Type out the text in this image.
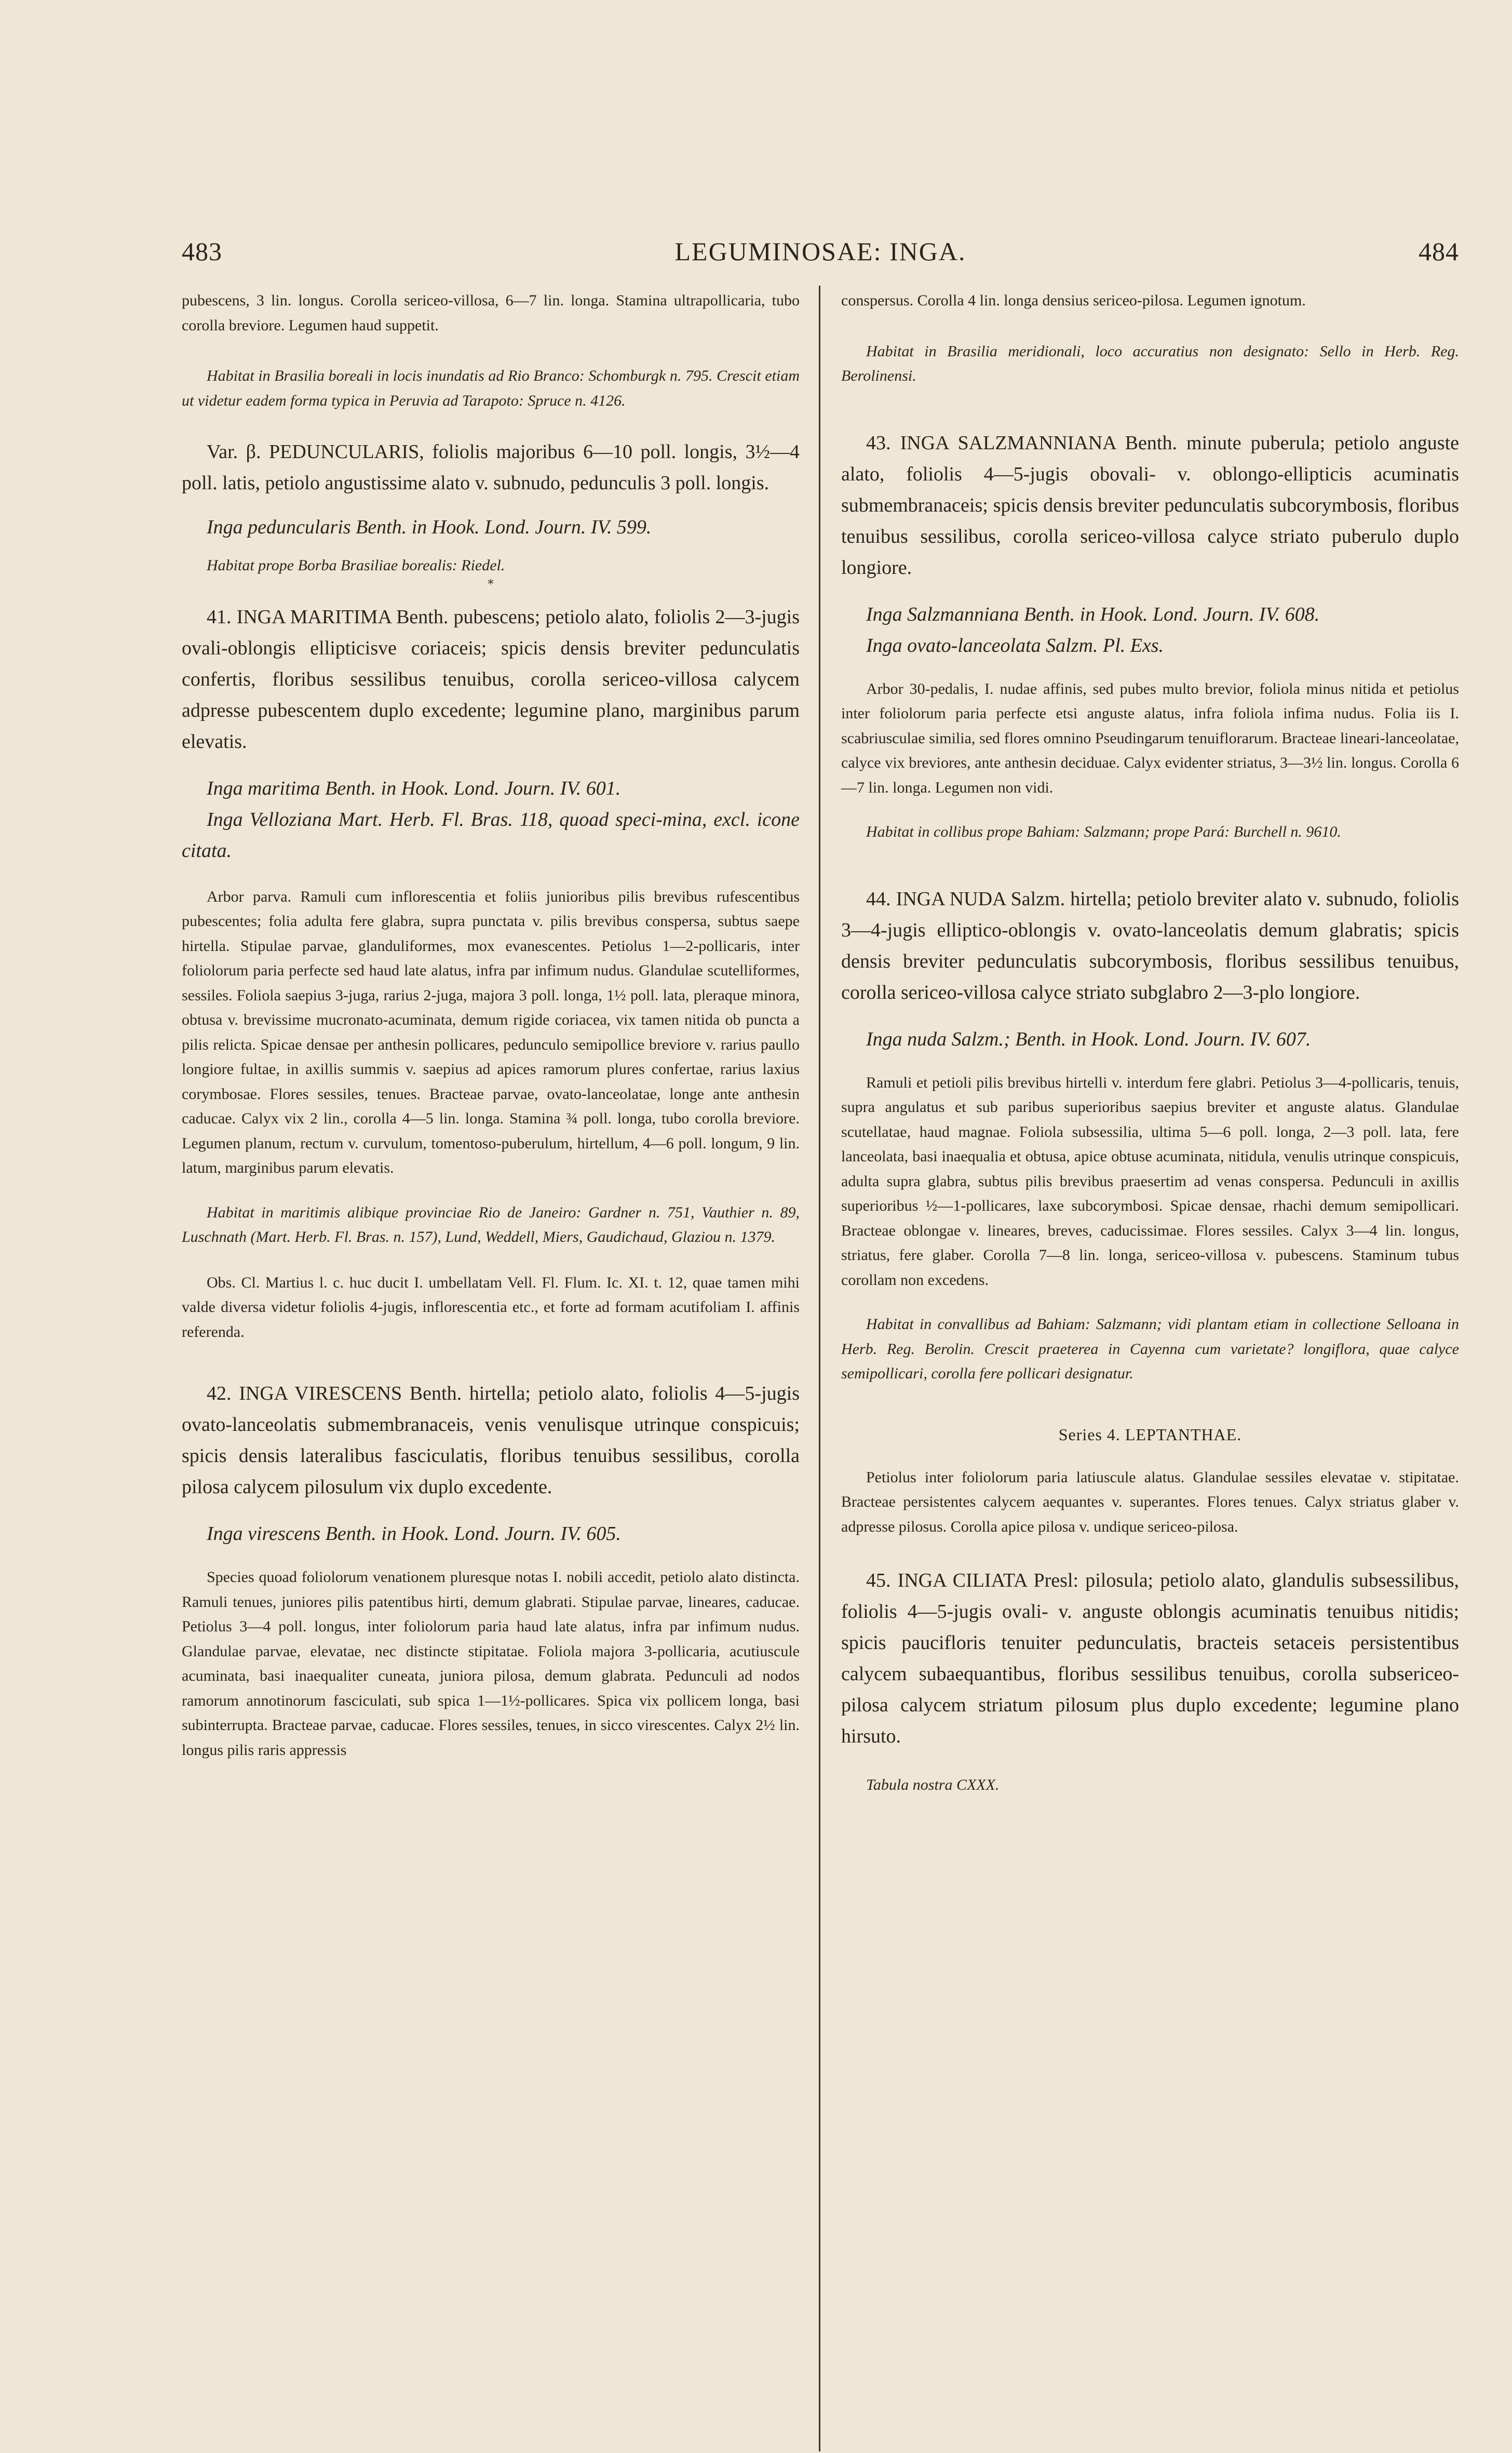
483	LEGUMINOSAE: INGA.	484

pubescens, 3 lin. longus. Corolla sericeo-villosa, 6—7 lin. longa. Stamina ultrapollicaria, tubo corolla breviore. Legumen haud suppetit.

Habitat in Brasilia boreali in locis inundatis ad Rio Branco: Schomburgk n. 795. Crescit etiam ut videtur eadem forma typica in Peruvia ad Tarapoto: Spruce n. 4126.

Var. β. PEDUNCULARIS, foliolis majoribus 6—10 poll. longis, 3½—4 poll. latis, petiolo angustissime alato v. subnudo, pedunculis 3 poll. longis.

Inga peduncularis Benth. in Hook. Lond. Journ. IV. 599.

Habitat prope Borba Brasiliae borealis: Riedel.

*

41. INGA MARITIMA Benth. pubescens; petiolo alato, foliolis 2—3-jugis ovali-oblongis ellipticisve coriaceis; spicis densis breviter pedunculatis confertis, floribus sessilibus tenuibus, corolla sericeo-villosa calycem adpresse pubescentem duplo excedente; legumine plano, marginibus parum elevatis.

Inga maritima Benth. in Hook. Lond. Journ. IV. 601.

Inga Velloziana Mart. Herb. Fl. Bras. 118, quoad speci-mina, excl. icone citata.

Arbor parva. Ramuli cum inflorescentia et foliis junioribus pilis brevibus rufescentibus pubescentes; folia adulta fere glabra, supra punctata v. pilis brevibus conspersa, subtus saepe hirtella. Stipulae parvae, glanduliformes, mox evanescentes. Petiolus 1—2-pollicaris, inter foliolorum paria perfecte sed haud late alatus, infra par infimum nudus. Glandulae scutelliformes, sessiles. Foliola saepius 3-juga, rarius 2-juga, majora 3 poll. longa, 1½ poll. lata, pleraque minora, obtusa v. brevissime mucronato-acuminata, demum rigide coriacea, vix tamen nitida ob puncta a pilis relicta. Spicae densae per anthesin pollicares, pedunculo semipollice breviore v. rarius paullo longiore fultae, in axillis summis v. saepius ad apices ramorum plures confertae, rarius laxius corymbosae. Flores sessiles, tenues. Bracteae parvae, ovato-lanceolatae, longe ante anthesin caducae. Calyx vix 2 lin., corolla 4—5 lin. longa. Stamina ¾ poll. longa, tubo corolla breviore. Legumen planum, rectum v. curvulum, tomentoso-puberulum, hirtellum, 4—6 poll. longum, 9 lin. latum, marginibus parum elevatis.

Habitat in maritimis alibique provinciae Rio de Janeiro: Gardner n. 751, Vauthier n. 89, Luschnath (Mart. Herb. Fl. Bras. n. 157), Lund, Weddell, Miers, Gaudichaud, Glaziou n. 1379.

Obs. Cl. Martius l. c. huc ducit I. umbellatam Vell. Fl. Flum. Ic. XI. t. 12, quae tamen mihi valde diversa videtur foliolis 4-jugis, inflorescentia etc., et forte ad formam acutifoliam I. affinis referenda.

42. INGA VIRESCENS Benth. hirtella; petiolo alato, foliolis 4—5-jugis ovato-lanceolatis submembranaceis, venis venulisque utrinque conspicuis; spicis densis lateralibus fasciculatis, floribus tenuibus sessilibus, corolla pilosa calycem pilosulum vix duplo excedente.

Inga virescens Benth. in Hook. Lond. Journ. IV. 605.

Species quoad foliolorum venationem pluresque notas I. nobili accedit, petiolo alato distincta. Ramuli tenues, juniores pilis patentibus hirti, demum glabrati. Stipulae parvae, lineares, caducae. Petiolus 3—4 poll. longus, inter foliolorum paria haud late alatus, infra par infimum nudus. Glandulae parvae, elevatae, nec distincte stipitatae. Foliola majora 3-pollicaria, acutiuscule acuminata, basi inaequaliter cuneata, juniora pilosa, demum glabrata. Pedunculi ad nodos ramorum annotinorum fasciculati, sub spica 1—1½-pollicares. Spica vix pollicem longa, basi subinterrupta. Bracteae parvae, caducae. Flores sessiles, tenues, in sicco virescentes. Calyx 2½ lin. longus pilis raris appressis

conspersus. Corolla 4 lin. longa densius sericeo-pilosa. Legumen ignotum.

Habitat in Brasilia meridionali, loco accuratius non designato: Sello in Herb. Reg. Berolinensi.

43. INGA SALZMANNIANA Benth. minute puberula; petiolo anguste alato, foliolis 4—5-jugis obovali- v. oblongo-ellipticis acuminatis submembranaceis; spicis densis breviter pedunculatis subcorymbosis, floribus tenuibus sessilibus, corolla sericeo-villosa calyce striato puberulo duplo longiore.

Inga Salzmanniana Benth. in Hook. Lond. Journ. IV. 608.

Inga ovato-lanceolata Salzm. Pl. Exs.

Arbor 30-pedalis, I. nudae affinis, sed pubes multo brevior, foliola minus nitida et petiolus inter foliolorum paria perfecte etsi anguste alatus, infra foliola infima nudus. Folia iis I. scabriusculae similia, sed flores omnino Pseudingarum tenuiflorarum. Bracteae lineari-lanceolatae, calyce vix breviores, ante anthesin deciduae. Calyx evidenter striatus, 3—3½ lin. longus. Corolla 6—7 lin. longa. Legumen non vidi.

Habitat in collibus prope Bahiam: Salzmann; prope Pará: Burchell n. 9610.

44. INGA NUDA Salzm. hirtella; petiolo breviter alato v. subnudo, foliolis 3—4-jugis elliptico-oblongis v. ovato-lanceolatis demum glabratis; spicis densis breviter pedunculatis subcorymbosis, floribus sessilibus tenuibus, corolla sericeo-villosa calyce striato subglabro 2—3-plo longiore.

Inga nuda Salzm.; Benth. in Hook. Lond. Journ. IV. 607.

Ramuli et petioli pilis brevibus hirtelli v. interdum fere glabri. Petiolus 3—4-pollicaris, tenuis, supra angulatus et sub paribus superioribus saepius breviter et anguste alatus. Glandulae scutellatae, haud magnae. Foliola subsessilia, ultima 5—6 poll. longa, 2—3 poll. lata, fere lanceolata, basi inaequalia et obtusa, apice obtuse acuminata, nitidula, venulis utrinque conspicuis, adulta supra glabra, subtus pilis brevibus praesertim ad venas conspersa. Pedunculi in axillis superioribus ½—1-pollicares, laxe subcorymbosi. Spicae densae, rhachi demum semipollicari. Bracteae oblongae v. lineares, breves, caducissimae. Flores sessiles. Calyx 3—4 lin. longus, striatus, fere glaber. Corolla 7—8 lin. longa, sericeo-villosa v. pubescens. Staminum tubus corollam non excedens.

Habitat in convallibus ad Bahiam: Salzmann; vidi plantam etiam in collectione Selloana in Herb. Reg. Berolin. Crescit praeterea in Cayenna cum varietate? longiflora, quae calyce semipollicari, corolla fere pollicari designatur.

Series 4. LEPTANTHAE.

Petiolus inter foliolorum paria latiuscule alatus. Glandulae sessiles elevatae v. stipitatae. Bracteae persistentes calycem aequantes v. superantes. Flores tenues. Calyx striatus glaber v. adpresse pilosus. Corolla apice pilosa v. undique sericeo-pilosa.

45. INGA CILIATA Presl: pilosula; petiolo alato, glandulis subsessilibus, foliolis 4—5-jugis ovali- v. anguste oblongis acuminatis tenuibus nitidis; spicis paucifloris tenuiter pedunculatis, bracteis setaceis persistentibus calycem subaequantibus, floribus sessilibus tenuibus, corolla subsericeo-pilosa calycem striatum pilosum plus duplo excedente; legumine plano hirsuto.

Tabula nostra CXXX.
